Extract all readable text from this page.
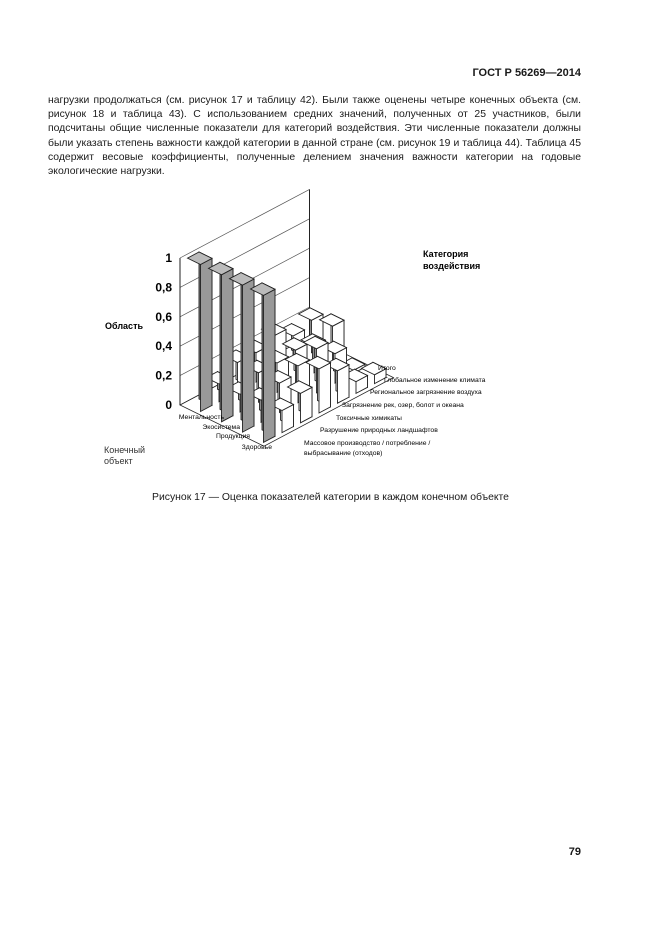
ГОСТ Р 56269—2014
нагрузки продолжаться (см. рисунок 17 и таблицу 42). Были также оценены четыре конечных объекта (см. рисунок 18 и таблица 43). С использованием средних значений, полученных от 25 участников, были подсчитаны общие численные показатели для категорий воздействия. Эти численные показатели должны были указать степень важности каждой категории в данной стране (см. рисунок 19 и таблица 44). Таблица 45 содержит весовые коэффициенты, полученные делением значения важности категории на годовые экологические нагрузки.
0
0,2
0,4
0,6
0,8
1
Итого
Глобальное изменение климата
Региональное загрязнение воздуха
Загрязнение рек, озер, болот и океана
Токсичные химикаты
Разрушение природных ландшафтов
Массовое производство / потребление /
выбрасывание (отходов)
Ментальность
Экосистема
Продукция
Здоровье
Область
Категория
воздействия
Конечный
объект
Рисунок 17 — Оценка показателей категории в каждом конечном объекте
79
